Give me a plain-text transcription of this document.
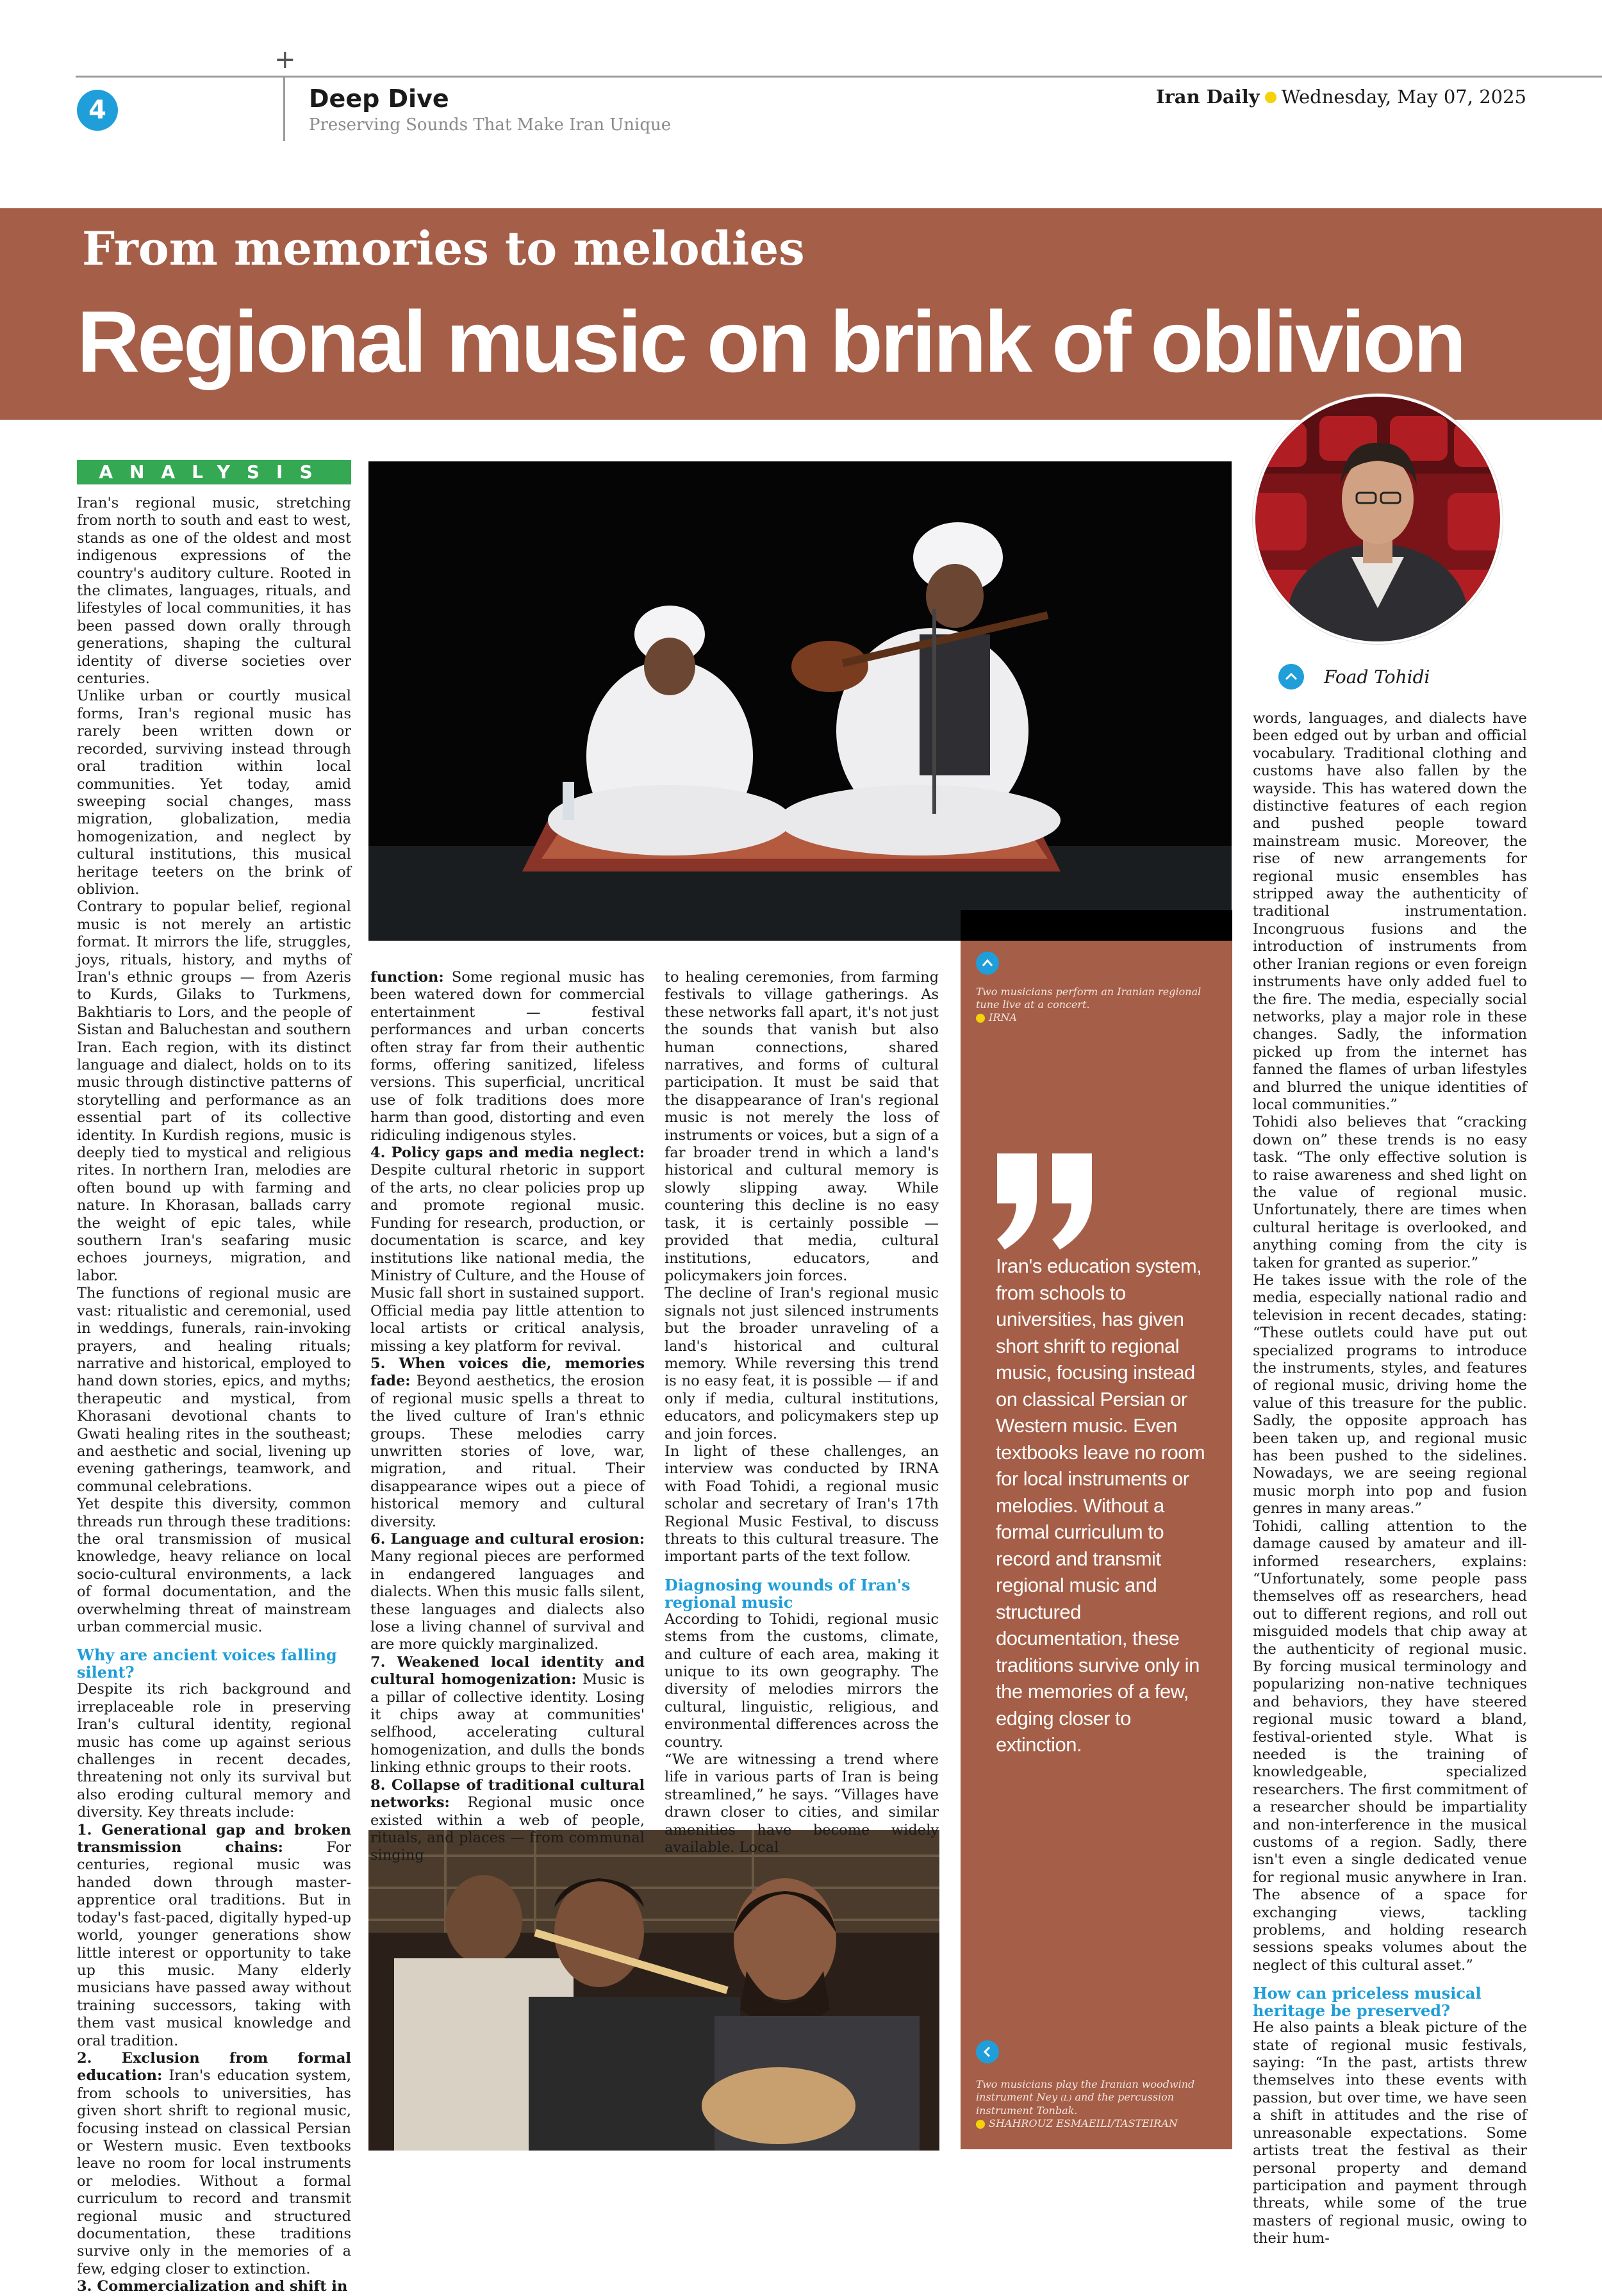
+
4	Deep Dive
Preserving Sounds That Make Iran Unique
Iran Daily Wednesday, May 07, 2025
From memories to melodies
Regional music on brink of oblivion
Foad Tohidi
ANALYSIS
Two musicians perform an Iranian regional tune live at a concert.
IRNA
Iran's education system, from schools to universities, has given short shrift to regional music, focusing instead on classical Persian or Western music. Even textbooks leave no room for local instruments or melodies. Without a formal curriculum to record and transmit regional music and structured documentation, these traditions survive only in the memories of a few, edging closer to extinction.
Two musicians play the Iranian woodwind instrument Ney (L) and the percussion instrument Tonbak.
SHAHROUZ ESMAEILI/TASTEIRAN

Iran's regional music, stretching from north to south and east to west, stands as one of the oldest and most indigenous expressions of the country's auditory culture. Rooted in the climates, languages, rituals, and lifestyles of local communities, it has been passed down orally through generations, shaping the cultural identity of diverse societies over centuries.

Unlike urban or courtly musical forms, Iran's regional music has rarely been written down or recorded, surviving instead through oral tradition within local communities. Yet today, amid sweeping social changes, mass migration, globalization, media homogenization, and neglect by cultural institutions, this musical heritage teeters on the brink of oblivion.

Contrary to popular belief, regional music is not merely an artistic format. It mirrors the life, struggles, joys, rituals, history, and myths of Iran's ethnic groups — from Azeris to Kurds, Gilaks to Turkmens, Bakhtiaris to Lors, and the people of Sistan and Baluchestan and southern Iran. Each region, with its distinct language and dialect, holds on to its music through distinctive patterns of storytelling and performance as an essential part of its collective identity. In Kurdish regions, music is deeply tied to mystical and religious rites. In northern Iran, melodies are often bound up with farming and nature. In Khorasan, ballads carry the weight of epic tales, while southern Iran's seafaring music echoes journeys, migration, and labor.

The functions of regional music are vast: ritualistic and ceremonial, used in weddings, funerals, rain-invoking prayers, and healing rituals; narrative and historical, employed to hand down stories, epics, and myths; therapeutic and mystical, from Khorasani devotional chants to Gwati healing rites in the southeast; and aesthetic and social, livening up evening gatherings, teamwork, and communal celebrations.

Yet despite this diversity, common threads run through these traditions: the oral transmission of musical knowledge, heavy reliance on local socio-cultural environments, a lack of formal documentation, and the overwhelming threat of mainstream urban commercial music.

Why are ancient voices falling silent?

Despite its rich background and irreplaceable role in preserving Iran's cultural identity, regional music has come up against serious challenges in recent decades, threatening not only its survival but also eroding cultural memory and diversity. Key threats include:

1. Generational gap and broken transmission chains: For centuries, regional music was handed down through master-apprentice oral traditions. But in today's fast-paced, digitally hyped-up world, younger generations show little interest or opportunity to take up this music. Many elderly musicians have passed away without training successors, taking with them vast musical knowledge and oral tradition.

2. Exclusion from formal education: Iran's education system, from schools to universities, has given short shrift to regional music, focusing instead on classical Persian or Western music. Even textbooks leave no room for local instruments or melodies. Without a formal curriculum to record and transmit regional music and structured documentation, these traditions survive only in the memories of a few, edging closer to extinction.

3. Commercialization and shift in

function: Some regional music has been watered down for commercial entertainment — festival performances and urban concerts often stray far from their authentic forms, offering sanitized, lifeless versions. This superficial, uncritical use of folk traditions does more harm than good, distorting and even ridiculing indigenous styles.

4. Policy gaps and media neglect: Despite cultural rhetoric in support of the arts, no clear policies prop up and promote regional music. Funding for research, production, or documentation is scarce, and key institutions like national media, the Ministry of Culture, and the House of Music fall short in sustained support. Official media pay little attention to local artists or critical analysis, missing a key platform for revival.

5. When voices die, memories fade: Beyond aesthetics, the erosion of regional music spells a threat to the lived culture of Iran's ethnic groups. These melodies carry unwritten stories of love, war, migration, and ritual. Their disappearance wipes out a piece of historical memory and cultural diversity.

6. Language and cultural erosion: Many regional pieces are performed in endangered languages and dialects. When this music falls silent, these languages and dialects also lose a living channel of survival and are more quickly marginalized.

7. Weakened local identity and cultural homogenization: Music is a pillar of collective identity. Losing it chips away at communities' selfhood, accelerating cultural homogenization, and dulls the bonds linking ethnic groups to their roots.

8. Collapse of traditional cultural networks: Regional music once existed within a web of people, rituals, and places — from communal singing

to healing ceremonies, from farming festivals to village gatherings. As these networks fall apart, it's not just the sounds that vanish but also human connections, shared narratives, and forms of cultural participation. It must be said that the disappearance of Iran's regional music is not merely the loss of instruments or voices, but a sign of a far broader trend in which a land's historical and cultural memory is slowly slipping away. While countering this decline is no easy task, it is certainly possible — provided that media, cultural institutions, educators, and policymakers join forces.

The decline of Iran's regional music signals not just silenced instruments but the broader unraveling of a land's historical and cultural memory. While reversing this trend is no easy feat, it is possible — if and only if media, cultural institutions, educators, and policymakers step up and join forces.

In light of these challenges, an interview was conducted by IRNA with Foad Tohidi, a regional music scholar and secretary of Iran's 17th Regional Music Festival, to discuss threats to this cultural treasure. The important parts of the text follow.

Diagnosing wounds of Iran's regional music

According to Tohidi, regional music stems from the customs, climate, and culture of each area, making it unique to its own geography. The diversity of melodies mirrors the cultural, linguistic, religious, and environmental differences across the country.

“We are witnessing a trend where life in various parts of Iran is being streamlined,” he says. “Villages have drawn closer to cities, and similar amenities have become widely available. Local

words, languages, and dialects have been edged out by urban and official vocabulary. Traditional clothing and customs have also fallen by the wayside. This has watered down the distinctive features of each region and pushed people toward mainstream music. Moreover, the rise of new arrangements for regional music ensembles has stripped away the authenticity of traditional instrumentation. Incongruous fusions and the introduction of instruments from other Iranian regions or even foreign instruments have only added fuel to the fire. The media, especially social networks, play a major role in these changes. Sadly, the information picked up from the internet has fanned the flames of urban lifestyles and blurred the unique identities of local communities.”

Tohidi also believes that “cracking down on” these trends is no easy task. “The only effective solution is to raise awareness and shed light on the value of regional music. Unfortunately, there are times when cultural heritage is overlooked, and anything coming from the city is taken for granted as superior.”

He takes issue with the role of the media, especially national radio and television in recent decades, stating: “These outlets could have put out specialized programs to introduce the instruments, styles, and features of regional music, driving home the value of this treasure for the public. Sadly, the opposite approach has been taken up, and regional music has been pushed to the sidelines. Nowadays, we are seeing regional music morph into pop and fusion genres in many areas.”

Tohidi, calling attention to the damage caused by amateur and ill-informed researchers, explains: “Unfortunately, some people pass themselves off as researchers, head out to different regions, and roll out misguided models that chip away at the authenticity of regional music. By forcing musical terminology and popularizing non-native techniques and behaviors, they have steered regional music toward a bland, festival-oriented style. What is needed is the training of knowledgeable, specialized researchers. The first commitment of a researcher should be impartiality and non-interference in the musical customs of a region. Sadly, there isn't even a single dedicated venue for regional music anywhere in Iran. The absence of a space for exchanging views, tackling problems, and holding research sessions speaks volumes about the neglect of this cultural asset.”

How can priceless musical heritage be preserved?

He also paints a bleak picture of the state of regional music festivals, saying: “In the past, artists threw themselves into these events with passion, but over time, we have seen a shift in attitudes and the rise of unreasonable expectations. Some artists treat the festival as their personal property and demand participation and payment through threats, while some of the true masters of regional music, owing to their hum-
